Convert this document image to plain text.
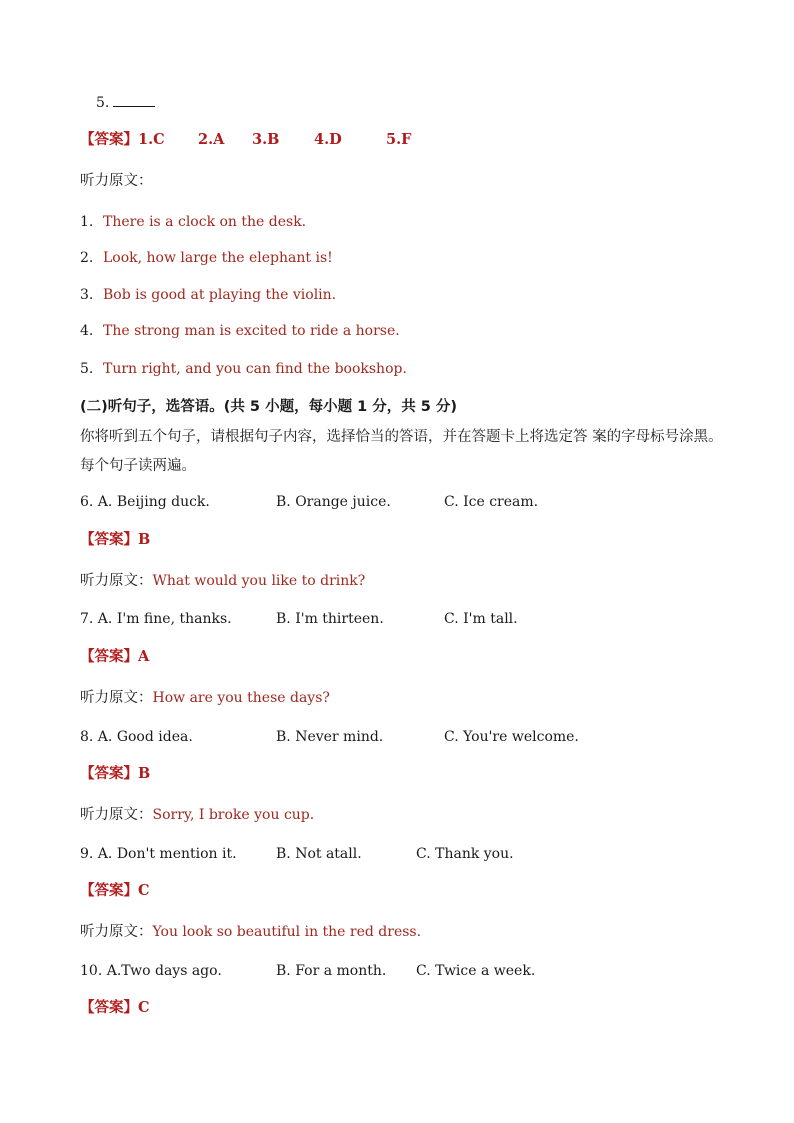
5.
【答案】1.C 2.A 3.B 4.D	5.F
听力原文：
1. There is a clock on the desk.
2. Look, how large the elephant is!
3. Bob is good at playing the violin.
4. The strong man is excited to ride a horse.
5. Turn right, and you can find the bookshop.
(二)听句子，选答语。(共 5 小题，每小题 1 分，共 5 分)
你将听到五个句子，请根据句子内容，选择恰当的答语，并在答题卡上将选定答 案的字母标号涂黑。每个句子读两遍。
6. A. Beijing duck.	B. Orange juice.	C. Ice cream.
【答案】B
听力原文：What would you like to drink?
7. A. I'm fine, thanks.	B. I'm thirteen.	C. I'm tall.
【答案】A
听力原文：How are you these days?
8. A. Good idea.	B. Never mind.	C. You're welcome.
【答案】B
听力原文：Sorry, I broke you cup.
9. A. Don't mention it.	B. Not atall.	C. Thank you.
【答案】C
听力原文：You look so beautiful in the red dress.
10. A.Two days ago.	B. For a month. C. Twice a week.
【答案】C
